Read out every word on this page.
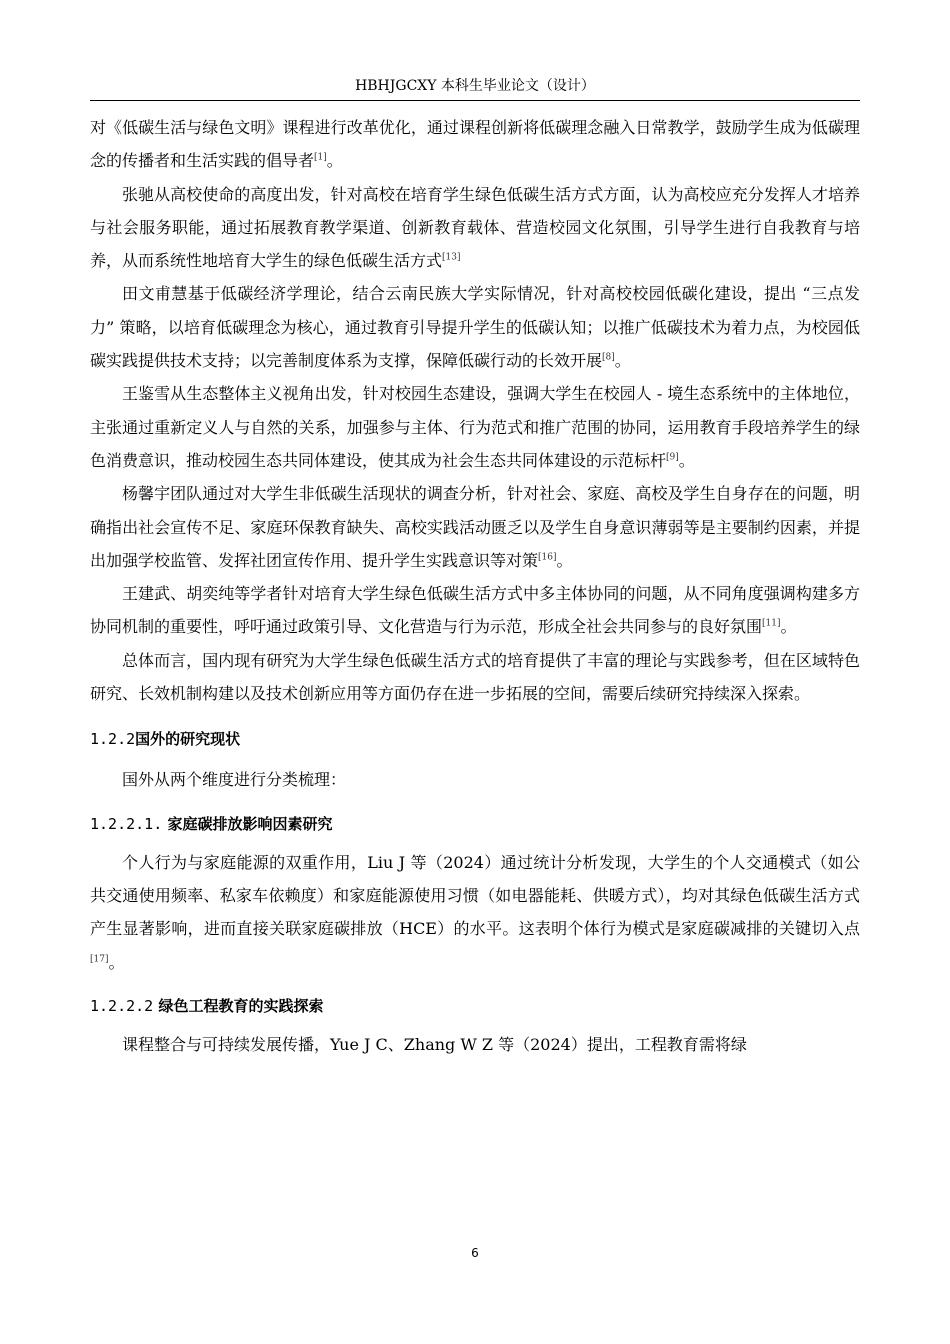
HBHJGCXY 本科生毕业论文（设计）

对《低碳生活与绿色文明》课程进行改革优化，通过课程创新将低碳理念融入日常教学，鼓励学生成为低碳理念的传播者和生活实践的倡导者[1]。

张驰从高校使命的高度出发，针对高校在培育学生绿色低碳生活方式方面，认为高校应充分发挥人才培养与社会服务职能，通过拓展教育教学渠道、创新教育载体、营造校园文化氛围，引导学生进行自我教育与培养，从而系统性地培育大学生的绿色低碳生活方式[13]

田文甫慧基于低碳经济学理论，结合云南民族大学实际情况，针对高校校园低碳化建设，提出 “三点发力” 策略，以培育低碳理念为核心，通过教育引导提升学生的低碳认知；以推广低碳技术为着力点，为校园低碳实践提供技术支持；以完善制度体系为支撑，保障低碳行动的长效开展[8]。

王鉴雪从生态整体主义视角出发，针对校园生态建设，强调大学生在校园人 - 境生态系统中的主体地位，主张通过重新定义人与自然的关系，加强参与主体、行为范式和推广范围的协同，运用教育手段培养学生的绿色消费意识，推动校园生态共同体建设，使其成为社会生态共同体建设的示范标杆[9]。

杨馨宇团队通过对大学生非低碳生活现状的调查分析，针对社会、家庭、高校及学生自身存在的问题，明确指出社会宣传不足、家庭环保教育缺失、高校实践活动匮乏以及学生自身意识薄弱等是主要制约因素，并提出加强学校监管、发挥社团宣传作用、提升学生实践意识等对策[16]。

王建武、胡奕纯等学者针对培育大学生绿色低碳生活方式中多主体协同的问题，从不同角度强调构建多方协同机制的重要性，呼吁通过政策引导、文化营造与行为示范，形成全社会共同参与的良好氛围[11]。

总体而言，国内现有研究为大学生绿色低碳生活方式的培育提供了丰富的理论与实践参考，但在区域特色研究、长效机制构建以及技术创新应用等方面仍存在进一步拓展的空间，需要后续研究持续深入探索。

1.2.2国外的研究现状

国外从两个维度进行分类梳理：

1.2.2.1. 家庭碳排放影响因素研究

个人行为与家庭能源的双重作用，Liu J 等（2024）通过统计分析发现，大学生的个人交通模式（如公共交通使用频率、私家车依赖度）和家庭能源使用习惯（如电器能耗、供暖方式），均对其绿色低碳生活方式产生显著影响，进而直接关联家庭碳排放（HCE）的水平。这表明个体行为模式是家庭碳减排的关键切入点[17]。

1.2.2.2 绿色工程教育的实践探索

课程整合与可持续发展传播，Yue J C、Zhang W Z 等（2024）提出，工程教育需将绿

6
